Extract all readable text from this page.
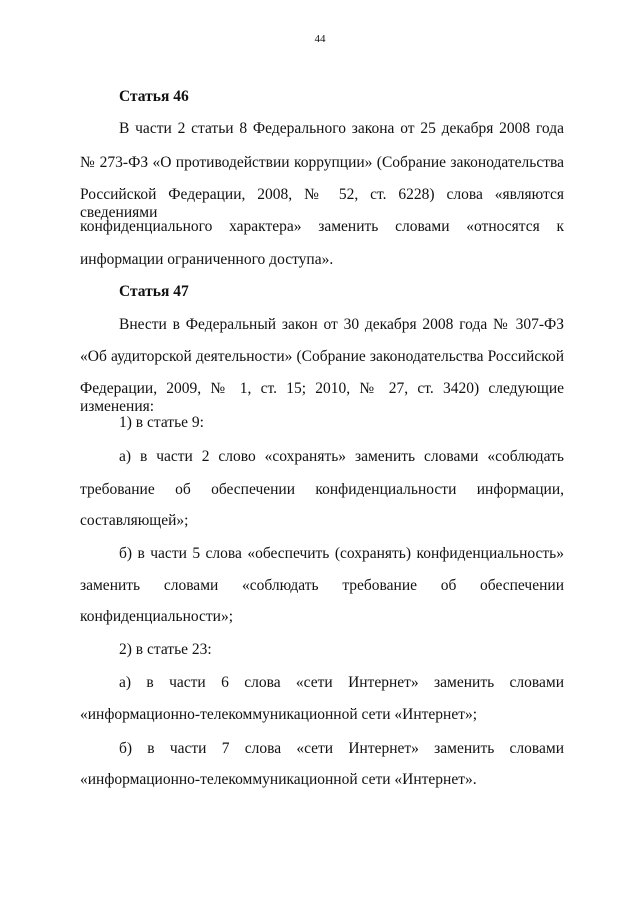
44
Статья 46
В части 2 статьи 8 Федерального закона от 25 декабря 2008 года
№ 273-ФЗ «О противодействии коррупции» (Собрание законодательства
Российской Федерации, 2008, № 52, ст. 6228) слова «являются сведениями
конфиденциального характера» заменить словами «относятся к
информации ограниченного доступа».
Статья 47
Внести в Федеральный закон от 30 декабря 2008 года № 307-ФЗ
«Об аудиторской деятельности» (Собрание законодательства Российской
Федерации, 2009, № 1, ст. 15; 2010, № 27, ст. 3420) следующие изменения:
1) в статье 9:
а) в части 2 слово «сохранять» заменить словами «соблюдать
требование об обеспечении конфиденциальности информации,
составляющей»;
б) в части 5 слова «обеспечить (сохранять) конфиденциальность»
заменить словами «соблюдать требование об обеспечении
конфиденциальности»;
2) в статье 23:
а) в части 6 слова «сети Интернет» заменить словами
«информационно-телекоммуникационной сети «Интернет»;
б) в части 7 слова «сети Интернет» заменить словами
«информационно-телекоммуникационной сети «Интернет».
